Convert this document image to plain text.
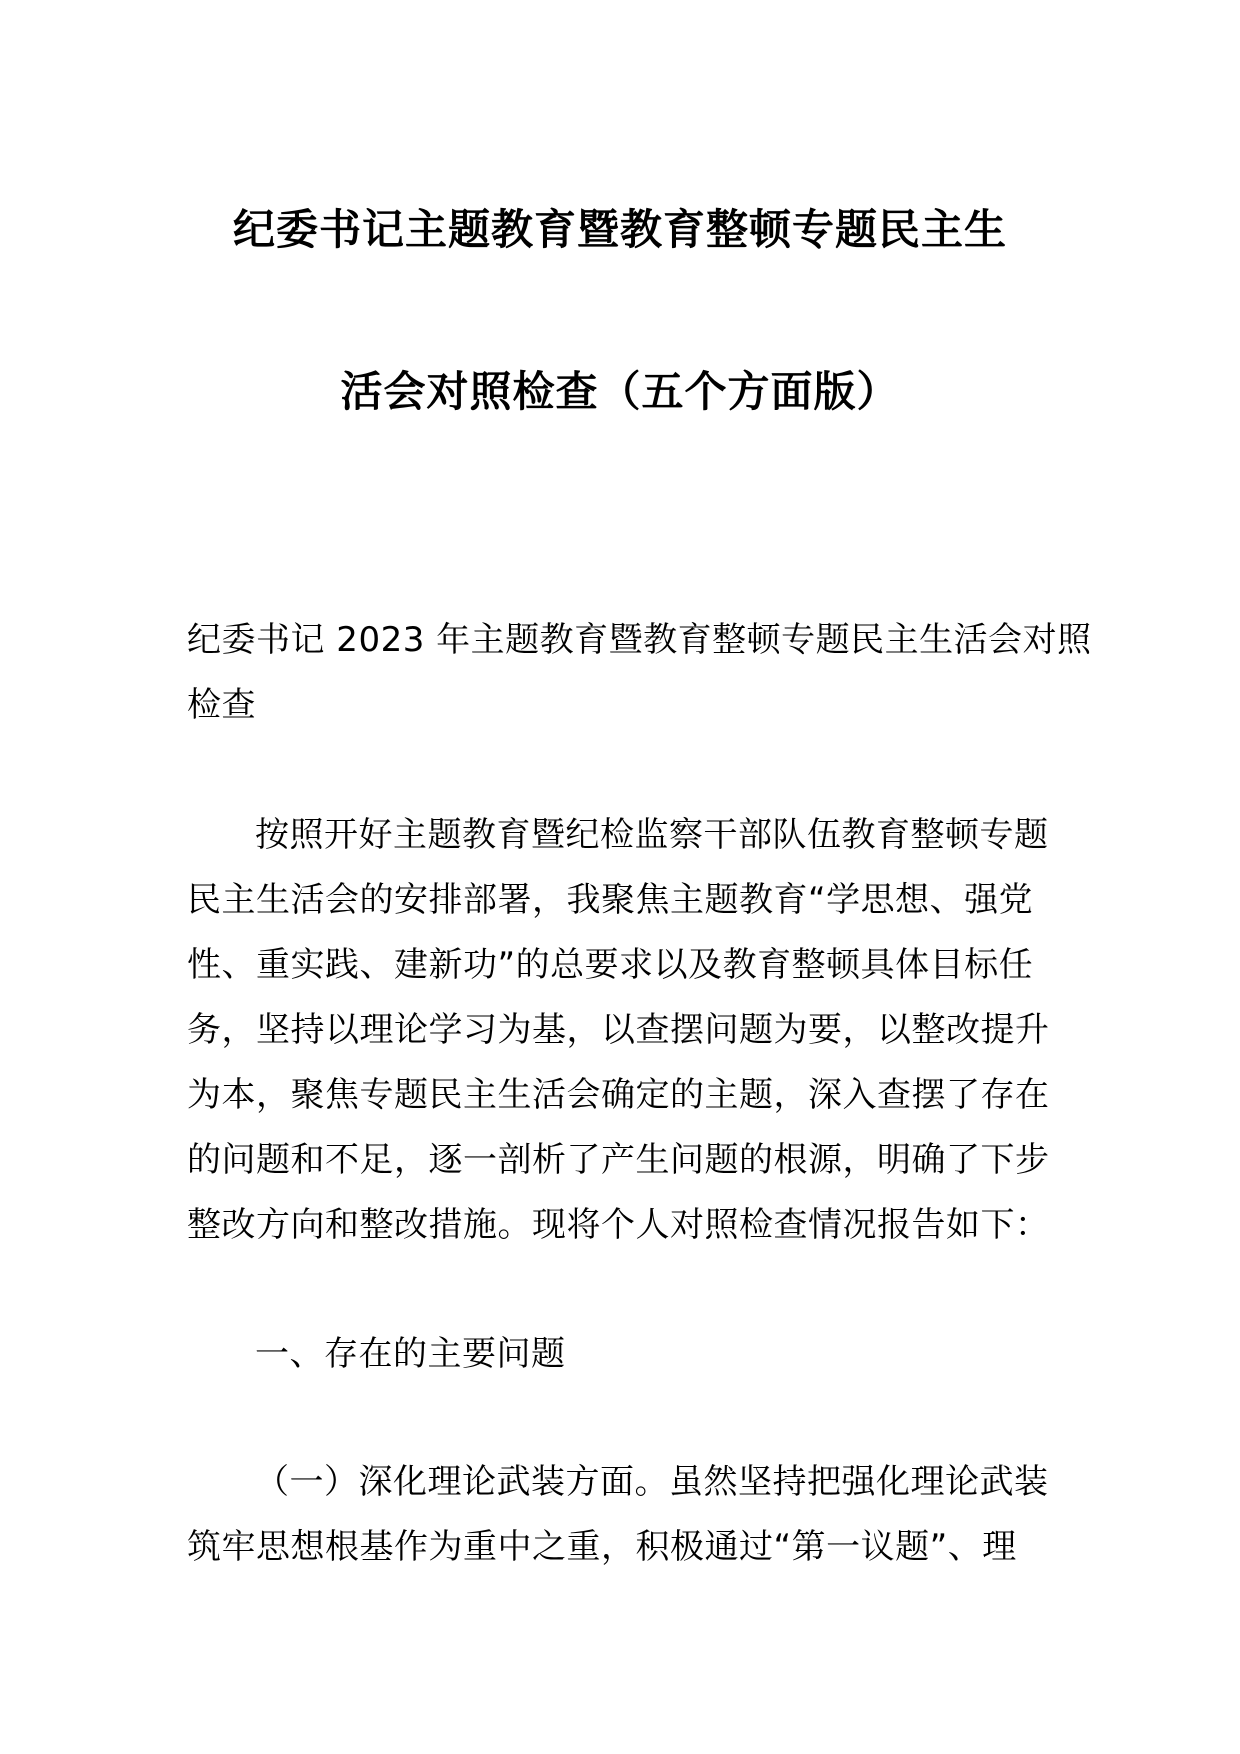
纪委书记主题教育暨教育整顿专题民主生
活会对照检查（五个方面版）
纪委书记 2023 年主题教育暨教育整顿专题民主生活会对照
检查
按照开好主题教育暨纪检监察干部队伍教育整顿专题
民主生活会的安排部署，我聚焦主题教育“学思想、强党
性、重实践、建新功”的总要求以及教育整顿具体目标任
务，坚持以理论学习为基，以查摆问题为要，以整改提升
为本，聚焦专题民主生活会确定的主题，深入查摆了存在
的问题和不足，逐一剖析了产生问题的根源，明确了下步
整改方向和整改措施。现将个人对照检查情况报告如下：
一、存在的主要问题
（一）深化理论武装方面。虽然坚持把强化理论武装
筑牢思想根基作为重中之重，积极通过“第一议题”、理
